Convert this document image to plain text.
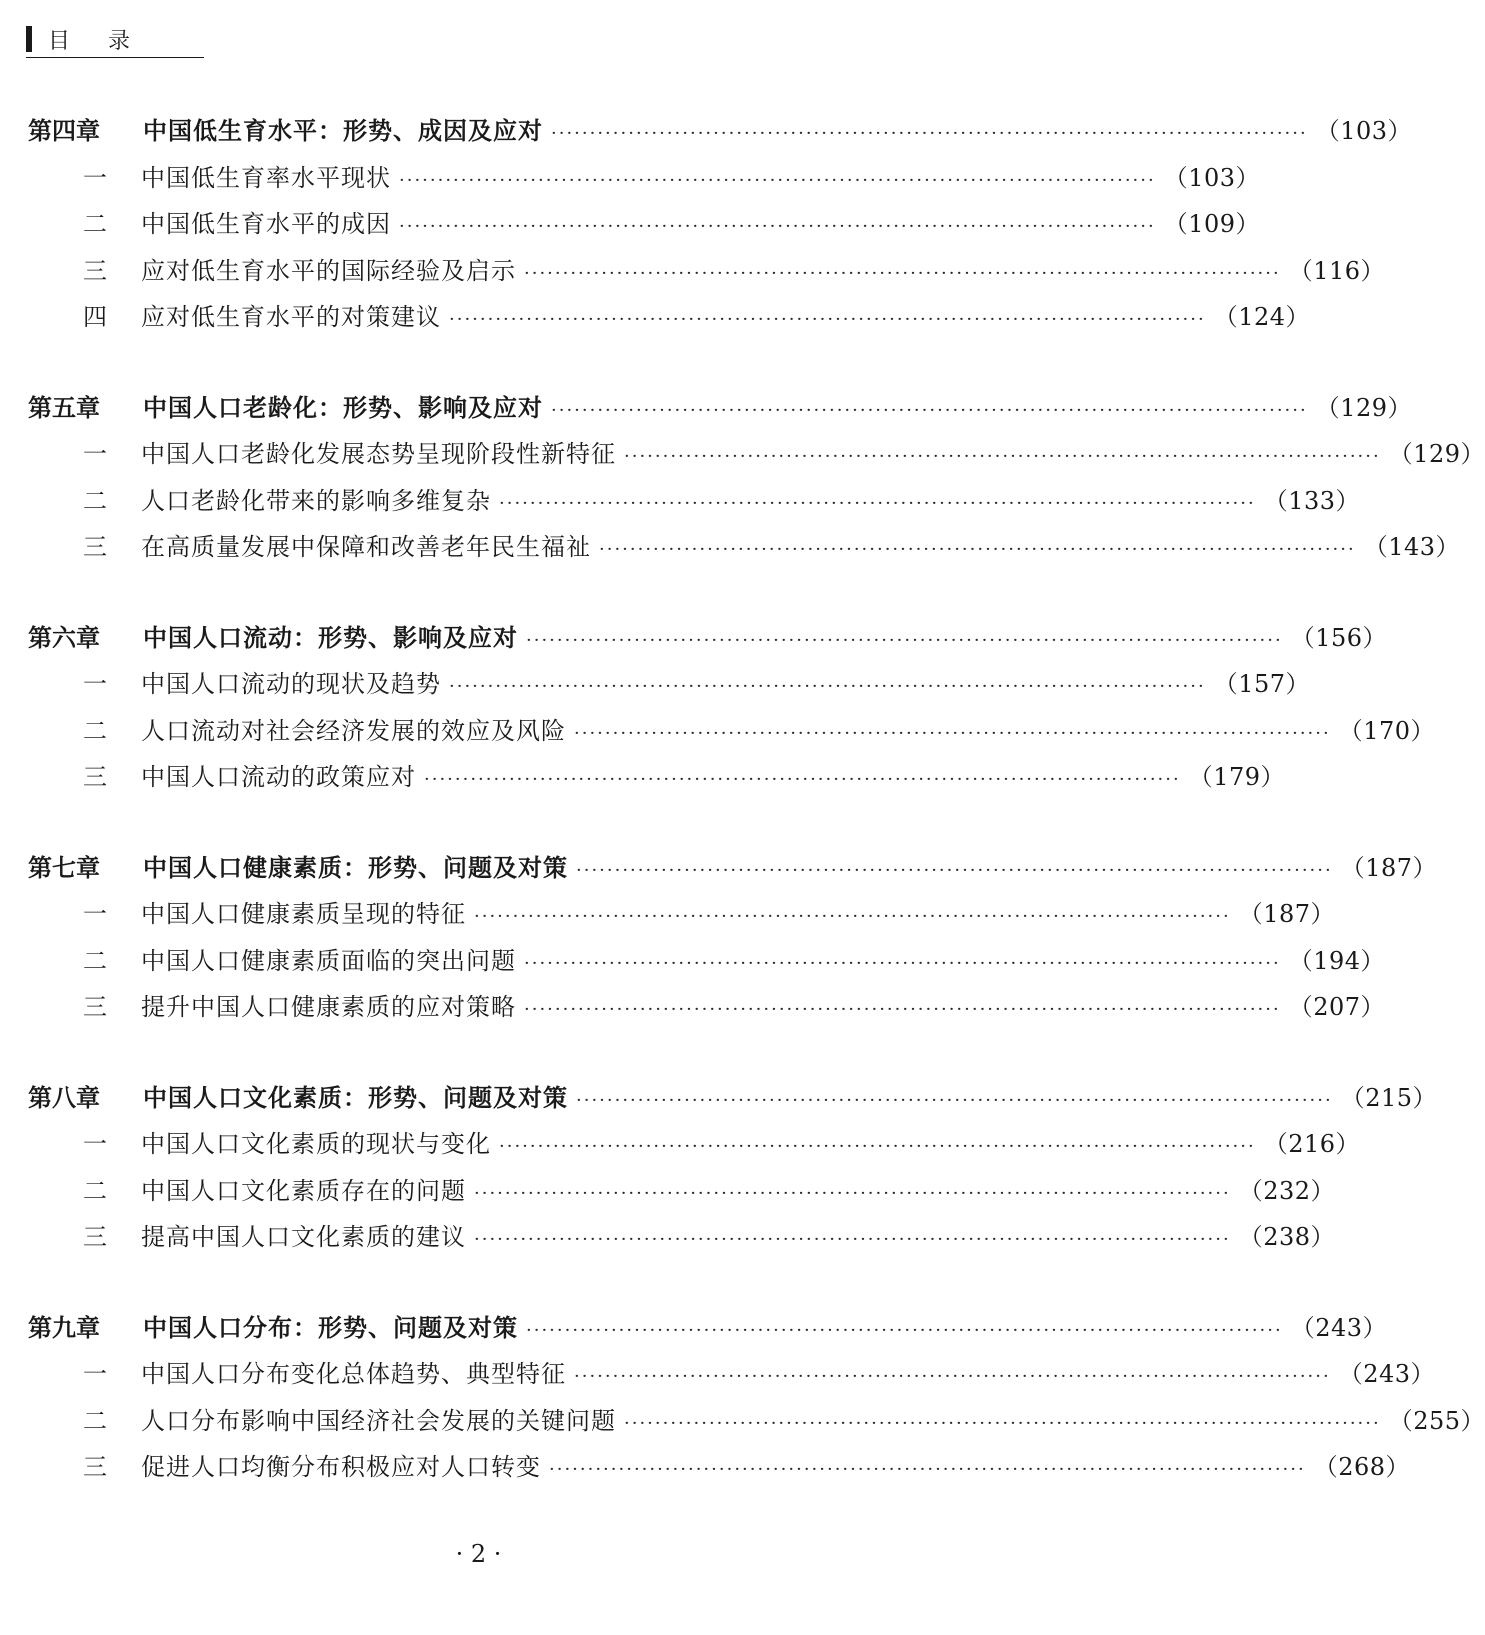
目录
第四章	中国低生育水平：形势、成因及应对 ·································································································· （103）
一	中国低生育率水平现状 ·································································································· （103）
二	中国低生育水平的成因 ·································································································· （109）
三	应对低生育水平的国际经验及启示 ·································································································· （116）
四	应对低生育水平的对策建议 ·································································································· （124）
第五章	中国人口老龄化：形势、影响及应对 ·································································································· （129）
一	中国人口老龄化发展态势呈现阶段性新特征 ·································································································· （129）
二	人口老龄化带来的影响多维复杂 ·································································································· （133）
三	在高质量发展中保障和改善老年民生福祉 ·································································································· （143）
第六章	中国人口流动：形势、影响及应对 ·································································································· （156）
一	中国人口流动的现状及趋势 ·································································································· （157）
二	人口流动对社会经济发展的效应及风险 ·································································································· （170）
三	中国人口流动的政策应对 ·································································································· （179）
第七章	中国人口健康素质：形势、问题及对策 ·································································································· （187）
一	中国人口健康素质呈现的特征 ·································································································· （187）
二	中国人口健康素质面临的突出问题 ·································································································· （194）
三	提升中国人口健康素质的应对策略 ·································································································· （207）
第八章	中国人口文化素质：形势、问题及对策 ·································································································· （215）
一	中国人口文化素质的现状与变化 ·································································································· （216）
二	中国人口文化素质存在的问题 ·································································································· （232）
三	提高中国人口文化素质的建议 ·································································································· （238）
第九章	中国人口分布：形势、问题及对策 ·································································································· （243）
一	中国人口分布变化总体趋势、典型特征 ·································································································· （243）
二	人口分布影响中国经济社会发展的关键问题 ·································································································· （255）
三	促进人口均衡分布积极应对人口转变 ·································································································· （268）
· 2 ·
